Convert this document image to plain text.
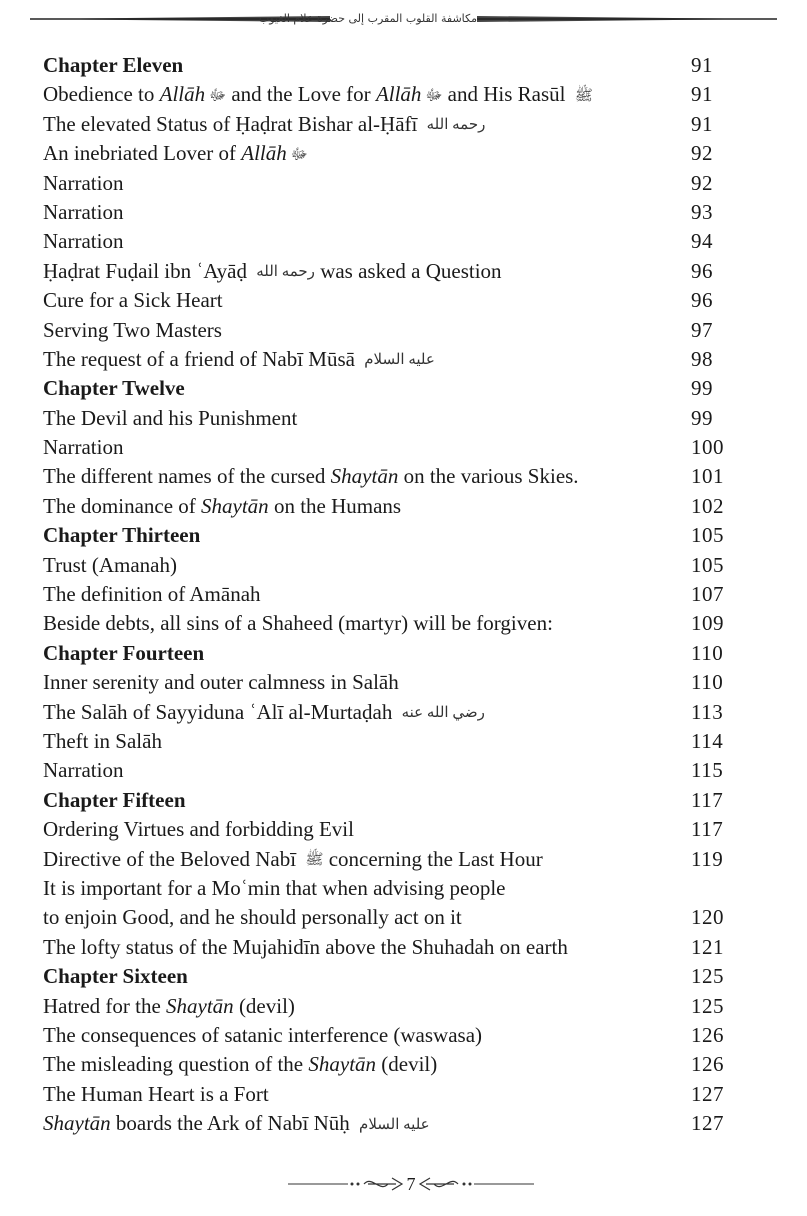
مكاشفة القلوب المقرب إلى حضرة علام الغيوب
Chapter Eleven	91
Obedience to Allāh ﷻ and the Love for Allāh ﷻ and His Rasūl ﷺ	91
The elevated Status of Ḥaḍrat Bishar al-Ḥāfī رحمه الله	91
An inebriated Lover of Allāh ﷻ	92
Narration	92
Narration	93
Narration	94
Ḥaḍrat Fuḍail ibn ʿAyāḍ رحمه الله was asked a Question	96
Cure for a Sick Heart	96
Serving Two Masters	97
The request of a friend of Nabī Mūsā عليه السلام	98
Chapter Twelve	99
The Devil and his Punishment	99
Narration	100
The different names of the cursed Shaytān on the various Skies.	101
The dominance of Shaytān on the Humans	102
Chapter Thirteen	105
Trust (Amanah)	105
The definition of Amānah	107
Beside debts, all sins of a Shaheed (martyr) will be forgiven:	109
Chapter Fourteen	110
Inner serenity and outer calmness in Salāh	110
The Salāh of Sayyiduna ʿAlī al-Murtaḍah رضي الله عنه	113
Theft in Salāh	114
Narration	115
Chapter Fifteen	117
Ordering Virtues and forbidding Evil	117
Directive of the Beloved Nabī ﷺ concerning the Last Hour	119
It is important for a Moʿmin that when advising people
to enjoin Good, and he should personally act on it	120
The lofty status of the Mujahidīn above the Shuhadah on earth	121
Chapter Sixteen	125
Hatred for the Shaytān (devil)	125
The consequences of satanic interference (waswasa)	126
The misleading question of the Shaytān (devil)	126
The Human Heart is a Fort	127
Shaytān boards the Ark of Nabī Nūḥ عليه السلام	127
7
